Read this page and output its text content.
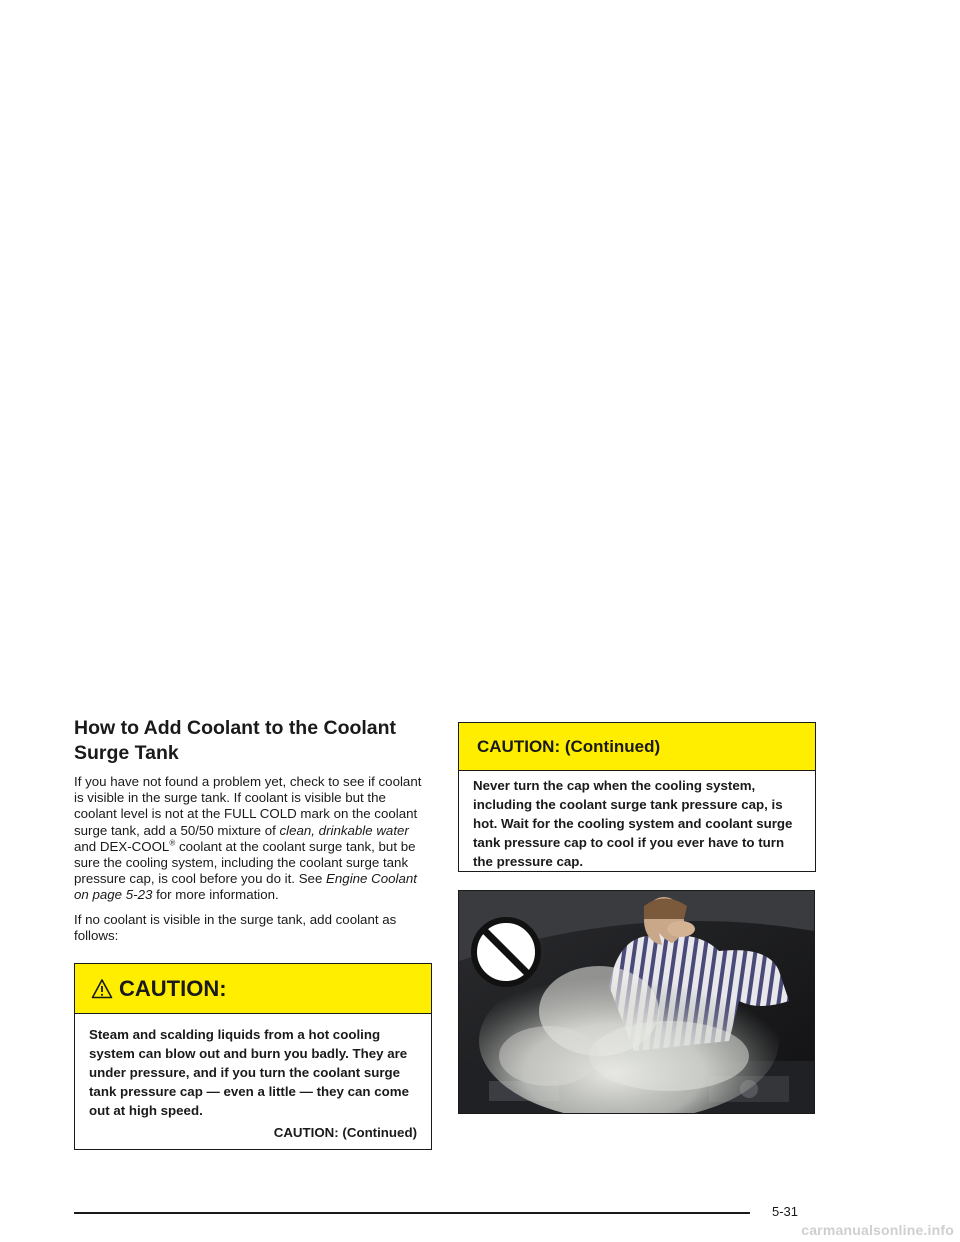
How to Add Coolant to the Coolant Surge Tank

If you have not found a problem yet, check to see if coolant is visible in the surge tank. If coolant is visible but the coolant level is not at the FULL COLD mark on the coolant surge tank, add a 50/50 mixture of clean, drinkable water and DEX-COOL® coolant at the coolant surge tank, but be sure the cooling system, including the coolant surge tank pressure cap, is cool before you do it. See Engine Coolant on page 5-23 for more information.

If no coolant is visible in the surge tank, add coolant as follows:

CAUTION:
Steam and scalding liquids from a hot cooling system can blow out and burn you badly. They are under pressure, and if you turn the coolant surge tank pressure cap — even a little — they can come out at high speed.
CAUTION: (Continued)
CAUTION: (Continued)
Never turn the cap when the cooling system, including the coolant surge tank pressure cap, is hot. Wait for the cooling system and coolant surge tank pressure cap to cool if you ever have to turn the pressure cap.
5-31
carmanualsonline.info
